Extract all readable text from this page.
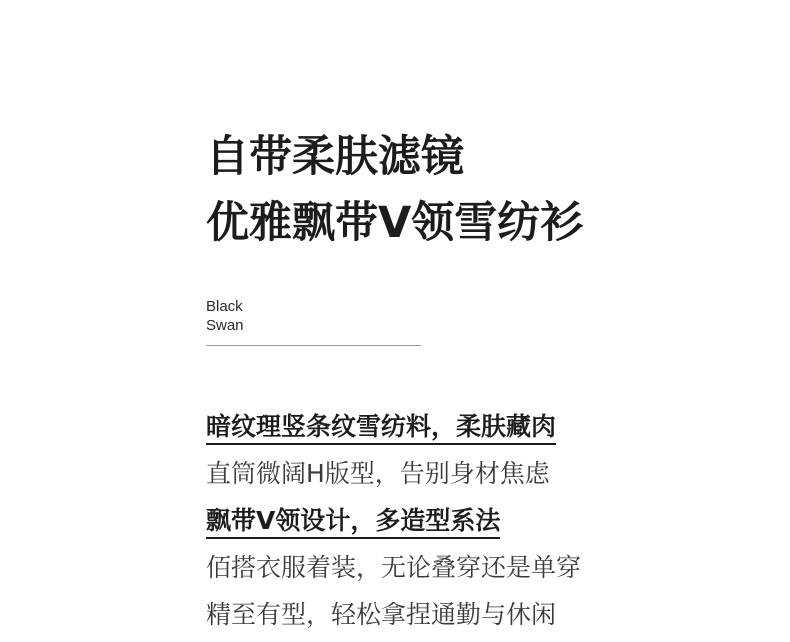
自带柔肤滤镜
优雅飘带V领雪纺衫
Black
Swan
暗纹理竖条纹雪纺料，柔肤藏肉
直筒微阔H版型，告别身材焦虑
飘带V领设计，多造型系法
佰搭衣服着装，无论叠穿还是单穿
精至有型，轻松拿捏通勤与休闲
